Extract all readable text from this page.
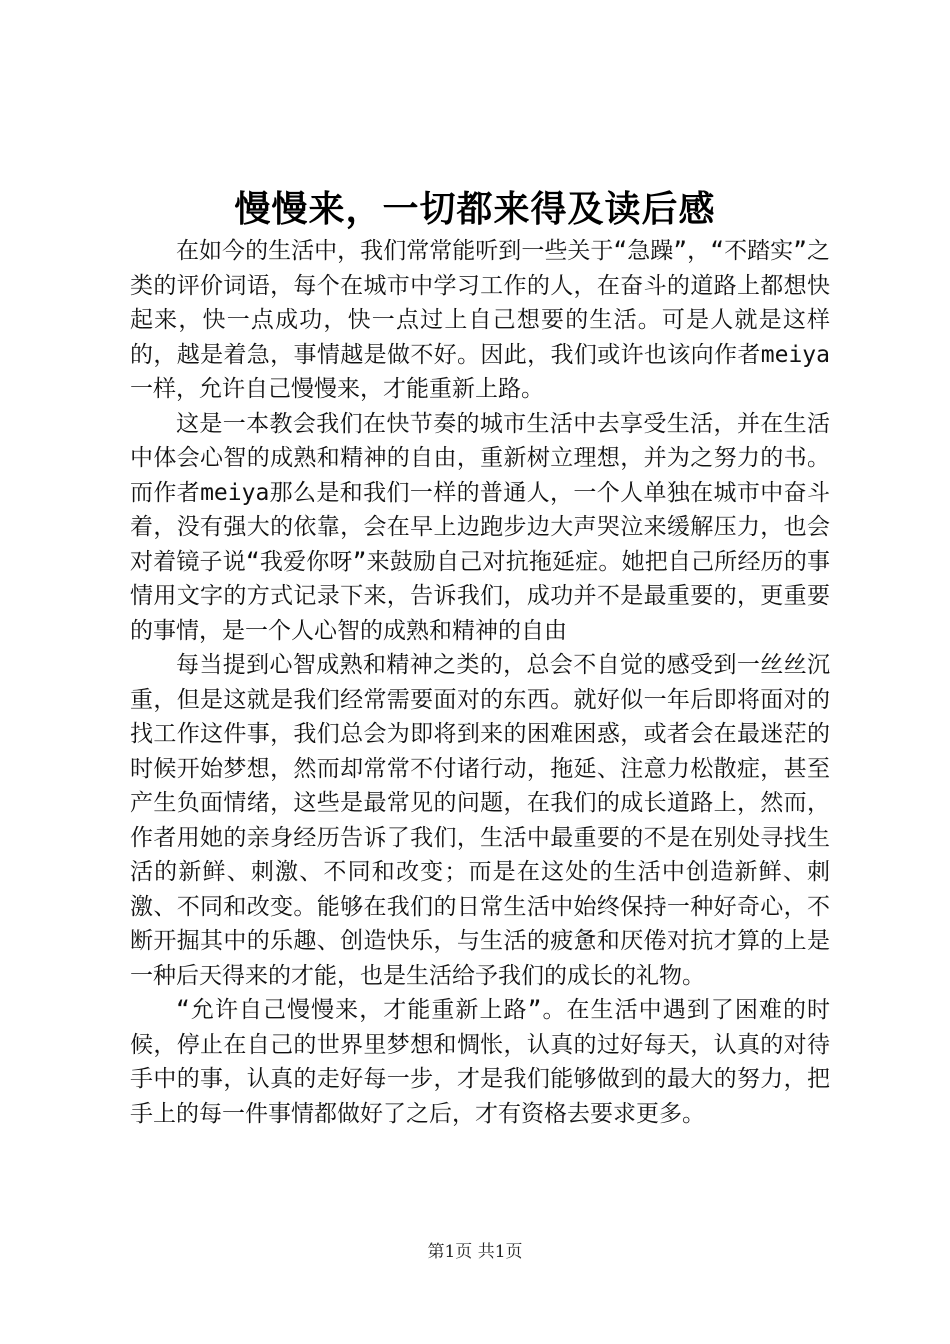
慢慢来，一切都来得及读后感

在如今的生活中，我们常常能听到一些关于“急躁”，“不踏实”之类的评价词语，每个在城市中学习工作的人，在奋斗的道路上都想快起来，快一点成功，快一点过上自己想要的生活。可是人就是这样的，越是着急，事情越是做不好。因此，我们或许也该向作者meiya一样，允许自己慢慢来，才能重新上路。

这是一本教会我们在快节奏的城市生活中去享受生活，并在生活中体会心智的成熟和精神的自由，重新树立理想，并为之努力的书。而作者meiya那么是和我们一样的普通人，一个人单独在城市中奋斗着，没有强大的依靠，会在早上边跑步边大声哭泣来缓解压力，也会对着镜子说“我爱你呀”来鼓励自己对抗拖延症。她把自己所经历的事情用文字的方式记录下来，告诉我们，成功并不是最重要的，更重要的事情，是一个人心智的成熟和精神的自由

每当提到心智成熟和精神之类的，总会不自觉的感受到一丝丝沉重，但是这就是我们经常需要面对的东西。就好似一年后即将面对的找工作这件事，我们总会为即将到来的困难困惑，或者会在最迷茫的时候开始梦想，然而却常常不付诸行动，拖延、注意力松散症，甚至产生负面情绪，这些是最常见的问题，在我们的成长道路上，然而，作者用她的亲身经历告诉了我们，生活中最重要的不是在别处寻找生活的新鲜、刺激、不同和改变；而是在这处的生活中创造新鲜、刺激、不同和改变。能够在我们的日常生活中始终保持一种好奇心，不断开掘其中的乐趣、创造快乐，与生活的疲惫和厌倦对抗才算的上是一种后天得来的才能，也是生活给予我们的成长的礼物。

“允许自己慢慢来，才能重新上路”。在生活中遇到了困难的时候，停止在自己的世界里梦想和惆怅，认真的过好每天，认真的对待手中的事，认真的走好每一步，才是我们能够做到的最大的努力，把手上的每一件事情都做好了之后，才有资格去要求更多。

第1页 共1页
